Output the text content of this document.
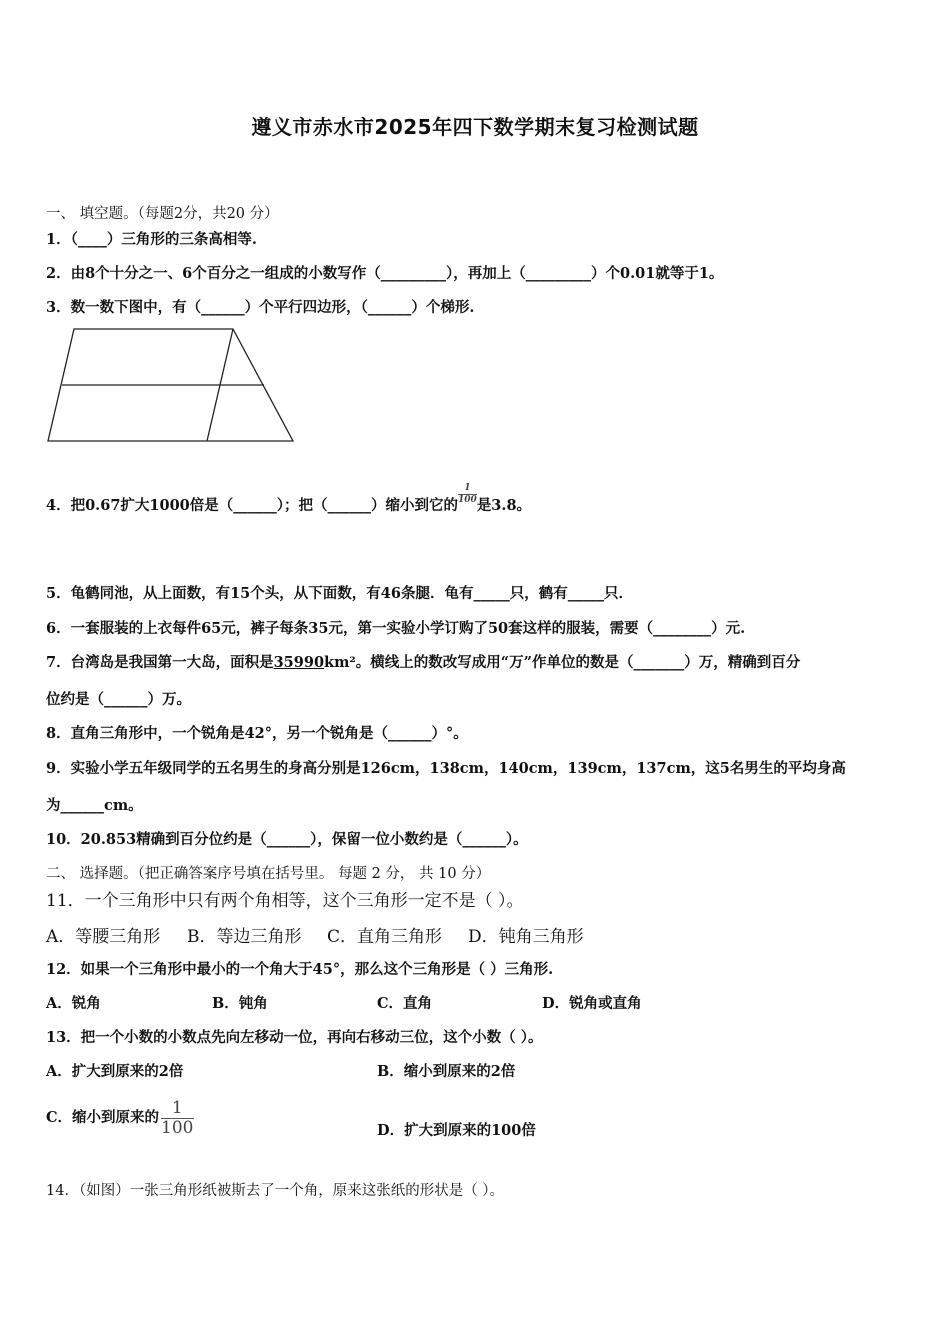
遵义市赤水市2025年四下数学期末复习检测试题
一、 填空题。（每题2分，共20 分）
1．（____）三角形的三条高相等.
2．由8个十分之一、6个百分之一组成的小数写作（_________），再加上（_________）个0.01就等于1。
3．数一数下图中，有（______）个平行四边形，（______）个梯形.
4．把0.67扩大1000倍是（______）；把（______）缩小到它的
$\frac{1}{100}$
是3.8。
5．龟鹤同池，从上面数，有15个头，从下面数，有46条腿．龟有_____只，鹤有_____只．
6．一套服装的上衣每件65元，裤子每条35元，第一实验小学订购了50套这样的服装，需要（________）元.
7．台湾岛是我国第一大岛，面积是35990km²。横线上的数改写成用“万”作单位的数是（_______）万，精确到百分
位约是（______）万。
8．直角三角形中，一个锐角是42°，另一个锐角是（______）°。
9．实验小学五年级同学的五名男生的身高分别是126cm，138cm，140cm，139cm，137cm，这5名男生的平均身高
为______cm。
10．20.853精确到百分位约是（______），保留一位小数约是（______）。
二、 选择题。（把正确答案序号填在括号里。 每题 2 分， 共 10 分）
11．一个三角形中只有两个角相等，这个三角形一定不是（ ）。
A．等腰三角形 B．等边三角形 C．直角三角形 D．钝角三角形
12．如果一个三角形中最小的一个角大于45°，那么这个三角形是（ ）三角形.
A．锐角	B．钝角	C．直角	D．锐角或直角
13．把一个小数的小数点先向左移动一位，再向右移动三位，这个小数（ ）。
A．扩大到原来的2倍	B．缩小到原来的2倍
C．缩小到原来的 $\frac{1}{100}$	D．扩大到原来的100倍
14．（如图）一张三角形纸被斯去了一个角，原来这张纸的形状是（ ）。
